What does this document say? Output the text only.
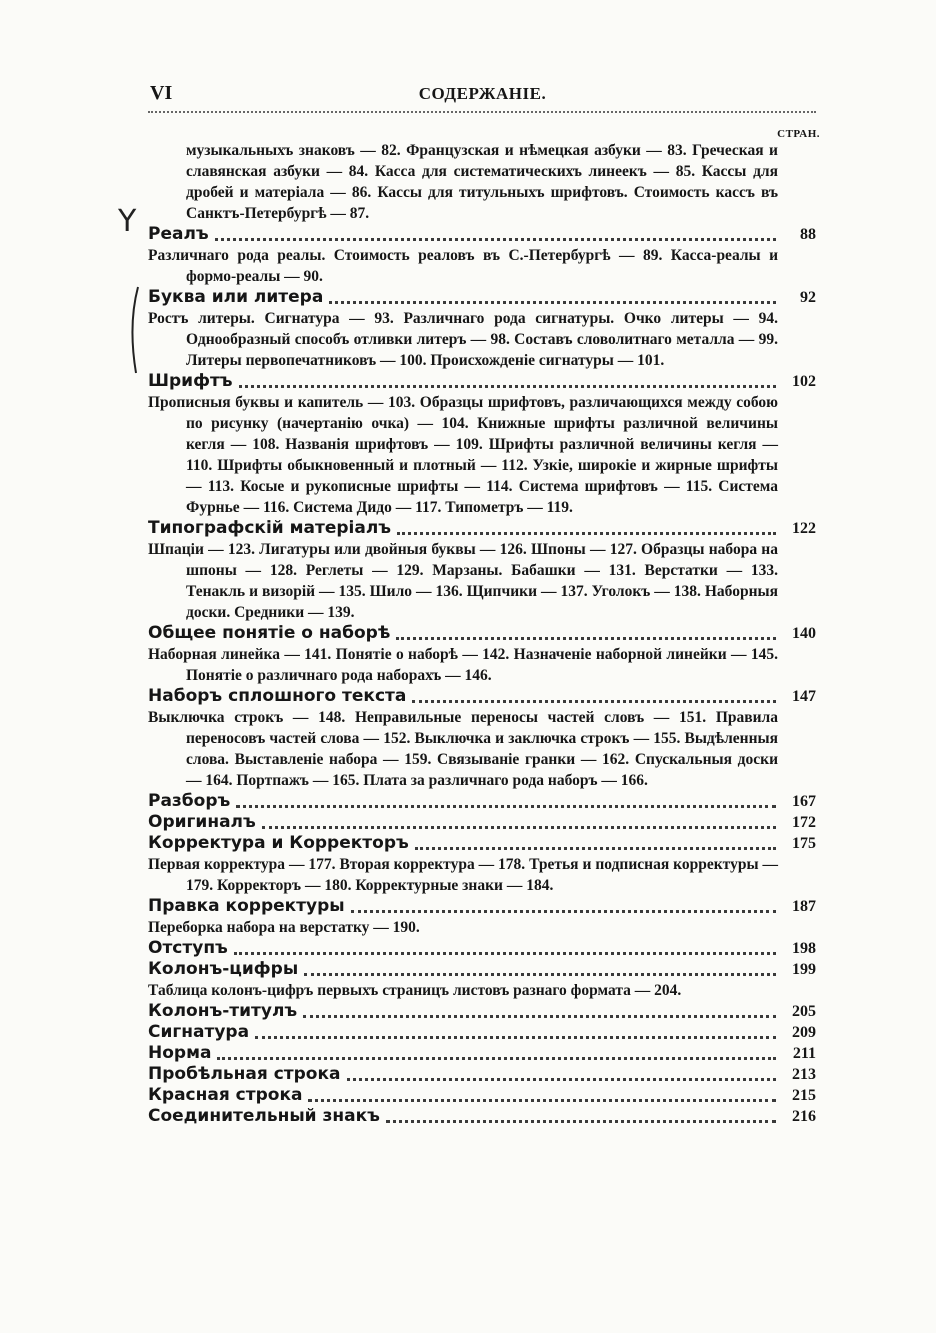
VI	СОДЕРЖАНIЕ.
СТРАН.
Y
музыкальныхъ знаковъ — 82. Французская и нѣмецкая азбуки — 83. Греческая и славянская азбуки — 84. Касса для систематическихъ линеекъ — 85. Кассы для дробей и матеріала — 86. Кассы для титульныхъ шрифтовъ. Стоимость кассъ въ Санктъ-Петербургѣ — 87.
Реалъ	88
Различнаго рода реалы. Стоимость реаловъ въ С.-Петербургѣ — 89. Касса-реалы и формо-реалы — 90.
Буква или литера	92
Ростъ литеры. Сигнатура — 93. Различнаго рода сигнатуры. Очко литеры — 94. Однообразный способъ отливки литеръ — 98. Составъ словолитнаго металла — 99. Литеры первопечатниковъ — 100. Происхожденіе сигнатуры — 101.
Шрифтъ	102
Прописныя буквы и капитель — 103. Образцы шрифтовъ, различающихся между собою по рисунку (начертанію очка) — 104. Книжные шрифты различной величины кегля — 108. Названія шрифтовъ — 109. Шрифты различной величины кегля — 110. Шрифты обыкновенный и плотный — 112. Узкіе, широкіе и жирные шрифты — 113. Косые и рукописные шрифты — 114. Система шрифтовъ — 115. Система Фурнье — 116. Система Дидо — 117. Типометръ — 119.
Типографскій матеріалъ	122
Шпаціи — 123. Лигатуры или двойныя буквы — 126. Шпоны — 127. Образцы набора на шпоны — 128. Реглеты — 129. Марзаны. Бабашки — 131. Верстатки — 133. Тенакль и визорій — 135. Шило — 136. Щипчики — 137. Уголокъ — 138. Наборныя доски. Средники — 139.
Общее понятіе о наборѣ	140
Наборная линейка — 141. Понятіе о наборѣ — 142. Назначеніе наборной линейки — 145. Понятіе о различнаго рода наборахъ — 146.
Наборъ сплошного текста	147
Выключка строкъ — 148. Неправильные переносы частей словъ — 151. Правила переносовъ частей слова — 152. Выключка и заключка строкъ — 155. Выдѣленныя слова. Выставленіе набора — 159. Связываніе гранки — 162. Спускальныя доски — 164. Портпажъ — 165. Плата за различнаго рода наборъ — 166.
Разборъ	167
Оригиналъ	172
Корректура и Корректоръ	175
Первая корректура — 177. Вторая корректура — 178. Третья и подписная корректуры — 179. Корректоръ — 180. Корректурные знаки — 184.
Правка корректуры	187
Переборка набора на верстатку — 190.
Отступъ	198
Колонъ-цифры	199
Таблица колонъ-цифръ первыхъ страницъ листовъ разнаго формата — 204.
Колонъ-титулъ	205
Сигнатура	209
Норма	211
Пробѣльная строка	213
Красная строка	215
Соединительный знакъ	216
